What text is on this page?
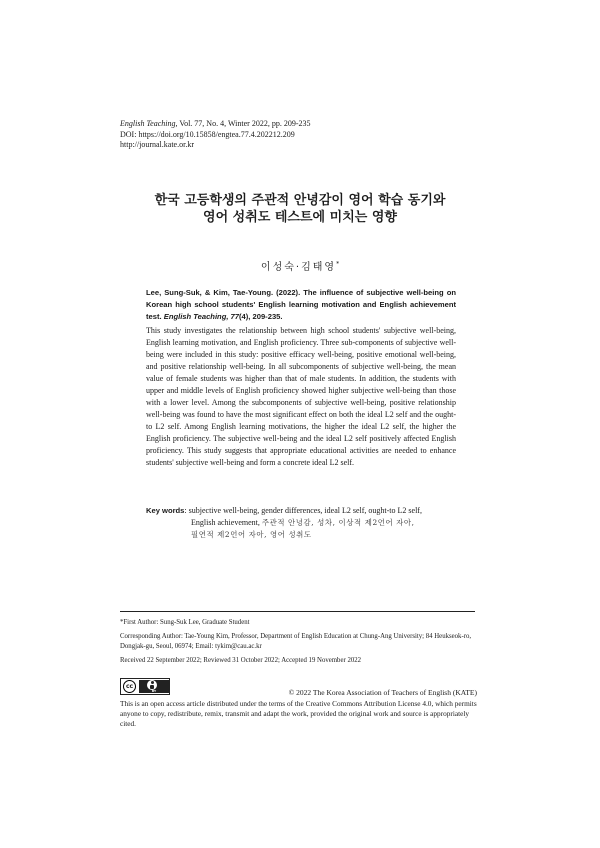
English Teaching, Vol. 77, No. 4, Winter 2022, pp. 209-235
DOI: https://doi.org/10.15858/engtea.77.4.202212.209
http://journal.kate.or.kr
한국 고등학생의 주관적 안녕감이 영어 학습 동기와
영어 성취도 테스트에 미치는 영향
이성숙·김태영*
Lee, Sung-Suk, & Kim, Tae-Young. (2022). The influence of subjective well-being on Korean high school students' English learning motivation and English achievement test. English Teaching, 77(4), 209-235.
This study investigates the relationship between high school students' subjective well-being, English learning motivation, and English proficiency. Three sub-components of subjective well-being were included in this study: positive efficacy well-being, positive emotional well-being, and positive relationship well-being. In all subcomponents of subjective well-being, the mean value of female students was higher than that of male students. In addition, the students with upper and middle levels of English proficiency showed higher subjective well-being than those with a lower level. Among the subcomponents of subjective well-being, positive relationship well-being was found to have the most significant effect on both the ideal L2 self and the ought-to L2 self. Among English learning motivations, the higher the ideal L2 self, the higher the English proficiency. The subjective well-being and the ideal L2 self positively affected English proficiency. This study suggests that appropriate educational activities are needed to enhance students' subjective well-being and form a concrete ideal L2 self.
Key words: subjective well-being, gender differences, ideal L2 self, ought-to L2 self,
English achievement, 주관적 안녕감, 성차, 이상적 제2언어 자아,
필연적 제2언어 자아, 영어 성취도
*First Author: Sung-Suk Lee, Graduate Student
Corresponding Author: Tae-Young Kim, Professor, Department of English Education at Chung-Ang University; 84 Heukseok-ro, Dongjak-gu, Seoul, 06974; Email: tykim@cau.ac.kr
Received 22 September 2022; Reviewed 31 October 2022; Accepted 19 November 2022
cc
BY	© 2022 The Korea Association of Teachers of English (KATE)
This is an open access article distributed under the terms of the Creative Commons Attribution License 4.0, which permits anyone to copy, redistribute, remix, transmit and adapt the work, provided the original work and source is appropriately cited.
